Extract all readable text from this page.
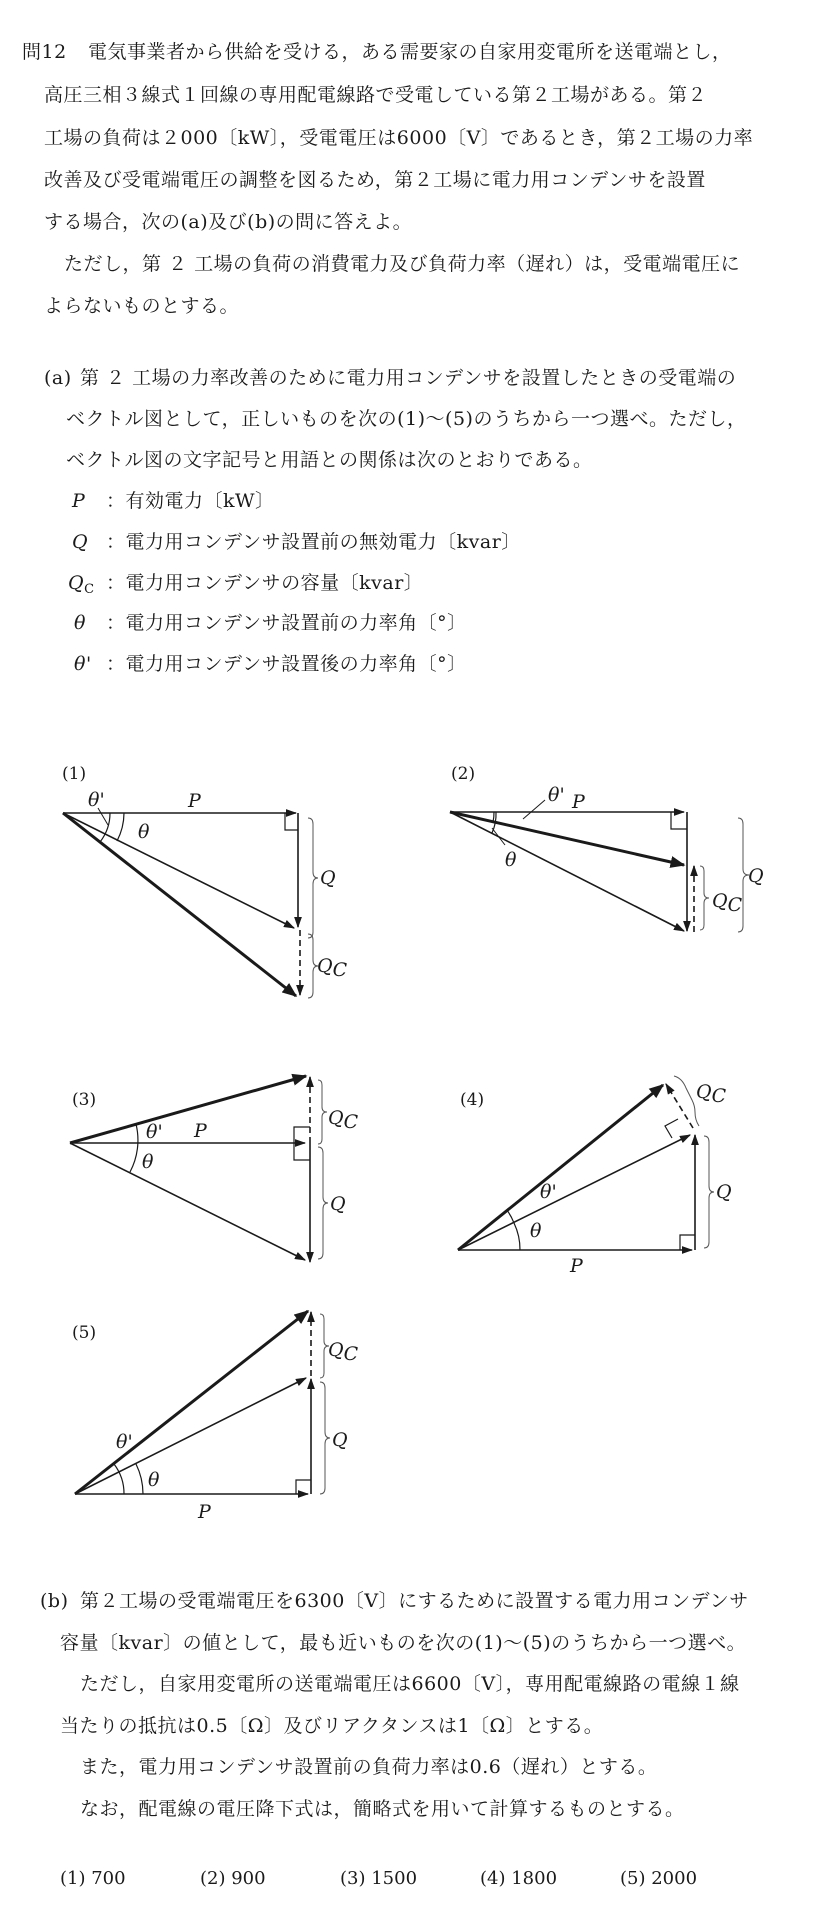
問12 電気事業者から供給を受ける，ある需要家の自家用変電所を送電端とし，
高圧三相３線式１回線の専用配電線路で受電している第２工場がある。第２
工場の負荷は２000〔kW〕，受電電圧は6000〔V〕であるとき，第２工場の力率
改善及び受電端電圧の調整を図るため，第２工場に電力用コンデンサを設置
する場合，次の(a)及び(b)の問に答えよ。
ただし，第 ２ 工場の負荷の消費電力及び負荷力率（遅れ）は，受電端電圧に
よらないものとする。
(a) 第 ２ 工場の力率改善のために電力用コンデンサを設置したときの受電端の
ベクトル図として，正しいものを次の(1)～(5)のうちから一つ選べ。ただし，
ベクトル図の文字記号と用語との関係は次のとおりである。
P ：有効電力〔kW〕
Q ：電力用コンデンサ設置前の無効電力〔kvar〕
$Q_C$ ：電力用コンデンサの容量〔kvar〕
θ ：電力用コンデンサ設置前の力率角〔°〕
θ' ：電力用コンデンサ設置後の力率角〔°〕
(1)
P
θ'
θ
Q
QC
(2)
θ' P
θ
QC
Q
(3)
θ' P
θ
QC
Q
(4)
θ'
θ
P
QC
Q
(5)
θ'
θ
P
QC
Q
(b) 第２工場の受電端電圧を6300〔V〕にするために設置する電力用コンデンサ
容量〔kvar〕の値として，最も近いものを次の(1)～(5)のうちから一つ選べ。
ただし，自家用変電所の送電端電圧は6600〔V〕，専用配電線路の電線１線
当たりの抵抗は0.5〔Ω〕及びリアクタンスは1〔Ω〕とする。
また，電力用コンデンサ設置前の負荷力率は0.6（遅れ）とする。
なお，配電線の電圧降下式は，簡略式を用いて計算するものとする。
(1) 700	(2) 900	(3) 1500	(4) 1800	(5) 2000
